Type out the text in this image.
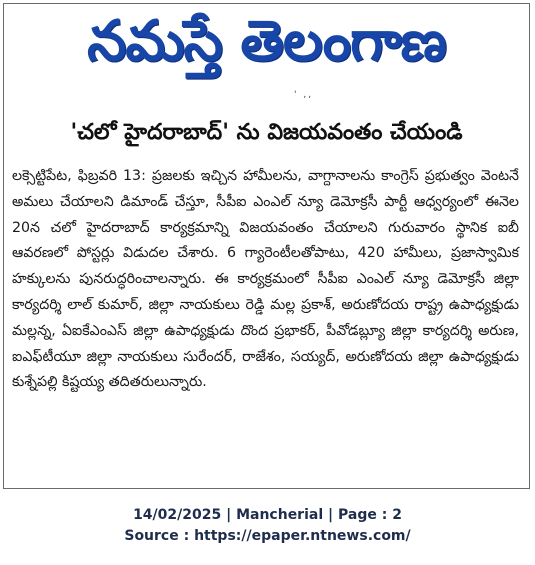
నమస్తే తెలంగాణ
' ,,
'చలో హైదరాబాద్' ను విజయవంతం చేయండి

లక్సెట్టిపేట, ఫిబ్రవరి 13: ప్రజలకు ఇచ్చిన హామీలను, వాగ్దానాలను కాంగ్రెస్ ప్రభుత్వం వెంటనే అమలు చేయాలని డిమాండ్ చేస్తూ, సీపీఐ ఎంఎల్ న్యూ డెమోక్రసీ పార్టీ ఆధ్వర్యంలో ఈనెల 20న చలో హైదరాబాద్ కార్యక్రమాన్ని విజయవంతం చేయాలని గురువారం స్థానిక ఐబీ ఆవరణలో పోస్టర్లు విడుదల చేశారు. 6 గ్యారెంటీలతోపాటు, 420 హామీలు, ప్రజాస్వామిక హక్కులను పునరుద్ధరించాలన్నారు. ఈ కార్యక్రమంలో సీపీఐ ఎంఎల్ న్యూ డెమోక్రసీ జిల్లా కార్యదర్శి లాల్ కుమార్, జిల్లా నాయకులు రెడ్డి మల్ల ప్రకాశ్, అరుణోదయ రాష్ట్ర ఉపాధ్యక్షుడు మల్లన్న, ఏఐకేఎంఎస్ జిల్లా ఉపాధ్యక్షుడు దొంద ప్రభాకర్, పీవోడబ్ల్యూ జిల్లా కార్యదర్శి అరుణ, ఐఎఫ్‌టీయూ జిల్లా నాయకులు సురేందర్, రాజేశం, సయ్యద్, అరుణోదయ జిల్లా ఉపాధ్యక్షుడు కుశ్నేపల్లి కిష్టయ్య తదితరులున్నారు.

14/02/2025 | Mancherial | Page : 2
Source : https://epaper.ntnews.com/
